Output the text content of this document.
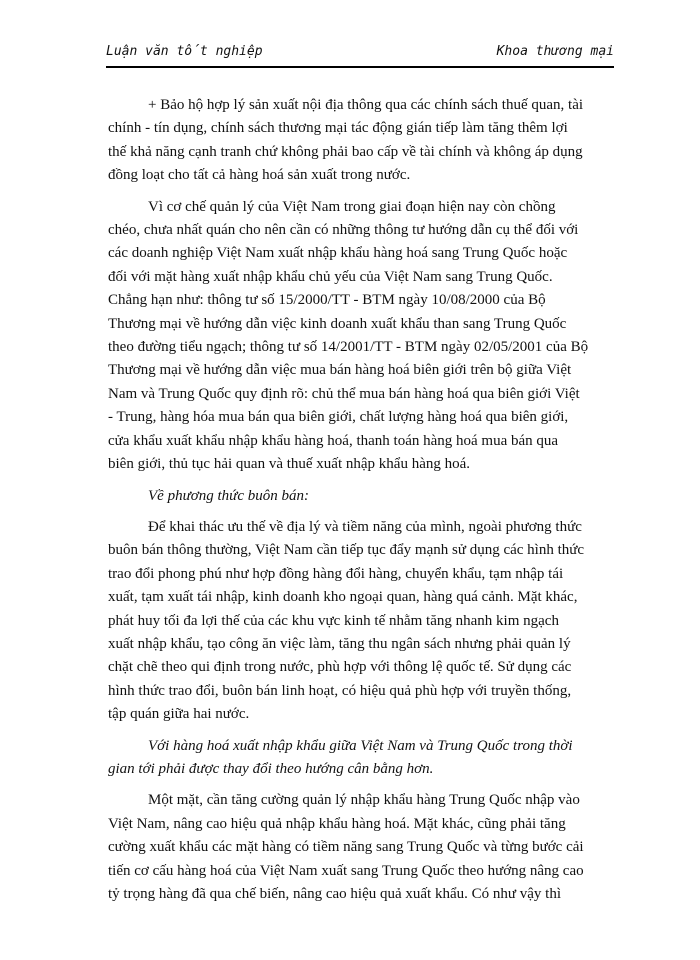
Luận văn tốt nghiệp	Khoa thương mại
+ Bảo hộ hợp lý sản xuất nội địa thông qua các chính sách thuế quan, tài
chính - tín dụng, chính sách thương mại tác động gián tiếp làm tăng thêm lợi
thế khả năng cạnh tranh chứ không phải bao cấp về tài chính và không áp dụng
đồng loạt cho tất cả hàng hoá sản xuất trong nước.
Vì cơ chế quản lý của Việt Nam trong giai đoạn hiện nay còn chồng
chéo, chưa nhất quán cho nên cần có những thông tư hướng dẫn cụ thể đối với
các doanh nghiệp Việt Nam xuất nhập khẩu hàng hoá sang Trung Quốc hoặc
đối với mặt hàng xuất nhập khẩu chủ yếu của Việt Nam sang Trung Quốc.
Chẳng hạn như: thông tư số 15/2000/TT - BTM ngày 10/08/2000 của Bộ
Thương mại về hướng dẫn việc kinh doanh xuất khẩu than sang Trung Quốc
theo đường tiểu ngạch; thông tư số 14/2001/TT - BTM ngày 02/05/2001 của Bộ
Thương mại về hướng dẫn việc mua bán hàng hoá biên giới trên bộ giữa Việt
Nam và Trung Quốc quy định rõ: chủ thể mua bán hàng hoá qua biên giới Việt
- Trung, hàng hóa mua bán qua biên giới, chất lượng hàng hoá qua biên giới,
cửa khẩu xuất khẩu nhập khẩu hàng hoá, thanh toán hàng hoá mua bán qua
biên giới, thủ tục hải quan và thuế xuất nhập khẩu hàng hoá.
Về phương thức buôn bán:
Để khai thác ưu thế về địa lý và tiềm năng của mình, ngoài phương thức
buôn bán thông thường, Việt Nam cần tiếp tục đẩy mạnh sử dụng các hình thức
trao đổi phong phú như hợp đồng hàng đổi hàng, chuyển khẩu, tạm nhập tái
xuất, tạm xuất tái nhập, kinh doanh kho ngoại quan, hàng quá cảnh. Mặt khác,
phát huy tối đa lợi thế của các khu vực kinh tế nhằm tăng nhanh kim ngạch
xuất nhập khẩu, tạo công ăn việc làm, tăng thu ngân sách nhưng phải quản lý
chặt chẽ theo qui định trong nước, phù hợp với thông lệ quốc tế. Sử dụng các
hình thức trao đổi, buôn bán linh hoạt, có hiệu quả phù hợp với truyền thống,
tập quán giữa hai nước.
Với hàng hoá xuất nhập khẩu giữa Việt Nam và Trung Quốc trong thời
gian tới phải được thay đổi theo hướng cân bằng hơn.
Một mặt, cần tăng cường quản lý nhập khẩu hàng Trung Quốc nhập vào
Việt Nam, nâng cao hiệu quả nhập khẩu hàng hoá. Mặt khác, cũng phải tăng
cường xuất khẩu các mặt hàng có tiềm năng sang Trung Quốc và từng bước cải
tiến cơ cấu hàng hoá của Việt Nam xuất sang Trung Quốc theo hướng nâng cao
tỷ trọng hàng đã qua chế biến, nâng cao hiệu quả xuất khẩu. Có như vậy thì
